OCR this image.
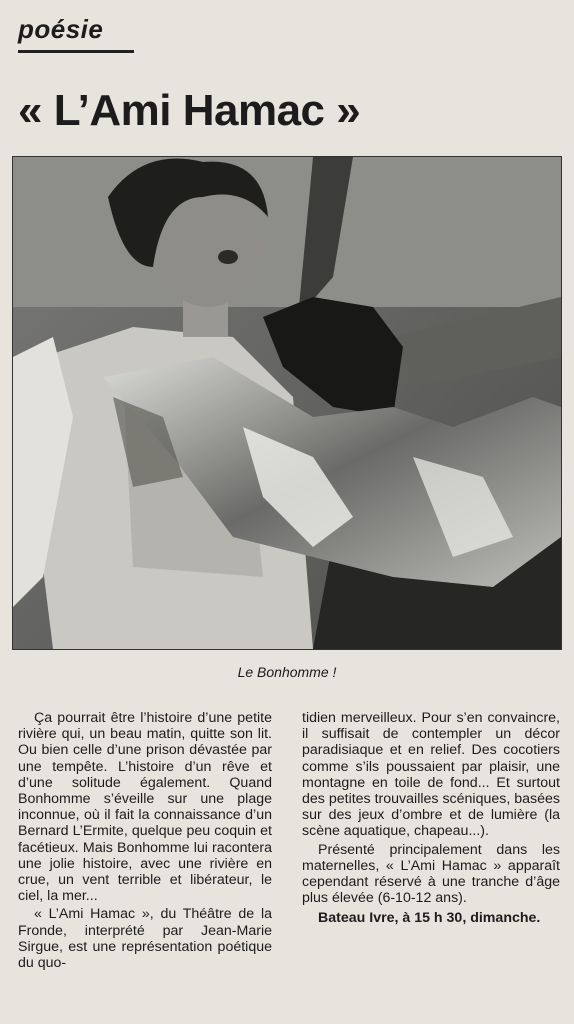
poésie
« L’Ami Hamac »
Le Bonhomme !

Ça pourrait être l’histoire d’une petite rivière qui, un beau matin, quitte son lit. Ou bien celle d’une prison dévastée par une tempête. L’histoire d’un rêve et d’une solitude également. Quand Bonhomme s’éveille sur une plage inconnue, où il fait la connaissance d’un Bernard L’Ermite, quelque peu coquin et facétieux. Mais Bonhomme lui racontera une jolie histoire, avec une rivière en crue, un vent terrible et libérateur, le ciel, la mer...

« L’Ami Hamac », du Théâtre de la Fronde, interprété par Jean-Marie Sirgue, est une représentation poétique du quo-

tidien merveilleux. Pour s’en convaincre, il suffisait de contempler un décor paradisiaque et en relief. Des cocotiers comme s’ils poussaient par plaisir, une montagne en toile de fond... Et surtout des petites trouvailles scéniques, basées sur des jeux d’ombre et de lumière (la scène aquatique, chapeau...).

Présenté principalement dans les maternelles, « L’Ami Hamac » apparaît cependant réservé à une tranche d’âge plus élevée (6-10-12 ans).

Bateau Ivre, à 15 h 30, dimanche.
